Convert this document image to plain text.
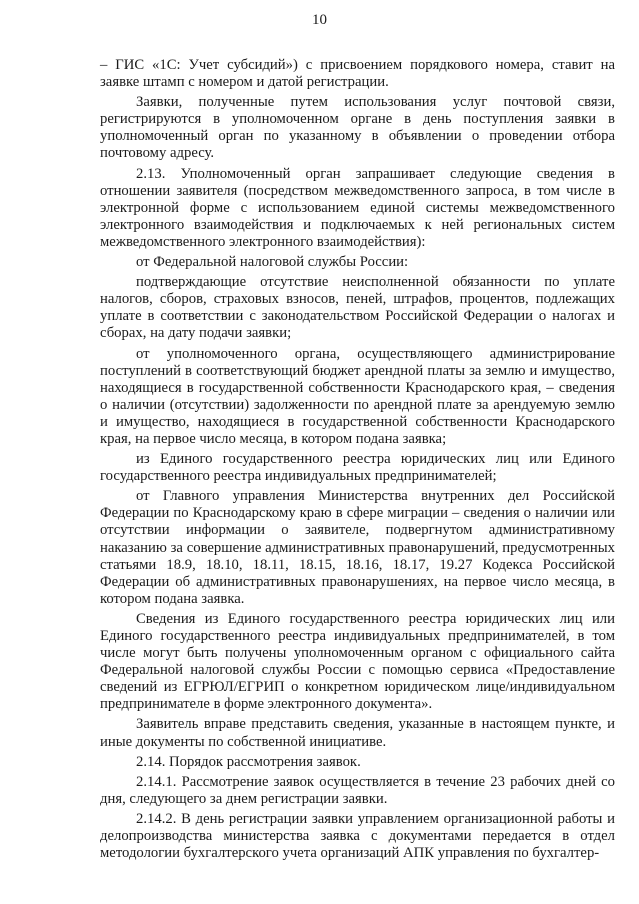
10

– ГИС «1С: Учет субсидий») с присвоением порядкового номера, ставит на заявке штамп с номером и датой регистрации.

Заявки, полученные путем использования услуг почтовой связи, регистрируются в уполномоченном органе в день поступления заявки в уполномоченный орган по указанному в объявлении о проведении отбора почтовому адресу.

2.13. Уполномоченный орган запрашивает следующие сведения в отношении заявителя (посредством межведомственного запроса, в том числе в электронной форме с использованием единой системы межведомственного электронного взаимодействия и подключаемых к ней региональных систем межведомственного электронного взаимодействия):

от Федеральной налоговой службы России:

подтверждающие отсутствие неисполненной обязанности по уплате налогов, сборов, страховых взносов, пеней, штрафов, процентов, подлежащих уплате в соответствии с законодательством Российской Федерации о налогах и сборах, на дату подачи заявки;

от уполномоченного органа, осуществляющего администрирование поступлений в соответствующий бюджет арендной платы за землю и имущество, находящиеся в государственной собственности Краснодарского края, – сведения о наличии (отсутствии) задолженности по арендной плате за арендуемую землю и имущество, находящиеся в государственной собственности Краснодарского края, на первое число месяца, в котором подана заявка;

из Единого государственного реестра юридических лиц или Единого государственного реестра индивидуальных предпринимателей;

от Главного управления Министерства внутренних дел Российской Федерации по Краснодарскому краю в сфере миграции – сведения о наличии или отсутствии информации о заявителе, подвергнутом административному наказанию за совершение административных правонарушений, предусмотренных статьями 18.9, 18.10, 18.11, 18.15, 18.16, 18.17, 19.27 Кодекса Российской Федерации об административных правонарушениях, на первое число месяца, в котором подана заявка.

Сведения из Единого государственного реестра юридических лиц или Единого государственного реестра индивидуальных предпринимателей, в том числе могут быть получены уполномоченным органом с официального сайта Федеральной налоговой службы России с помощью сервиса «Предоставление сведений из ЕГРЮЛ/ЕГРИП о конкретном юридическом лице/индивидуальном предпринимателе в форме электронного документа».

Заявитель вправе представить сведения, указанные в настоящем пункте, и иные документы по собственной инициативе.

2.14. Порядок рассмотрения заявок.

2.14.1. Рассмотрение заявок осуществляется в течение 23 рабочих дней со дня, следующего за днем регистрации заявки.

2.14.2. В день регистрации заявки управлением организационной работы и делопроизводства министерства заявка с документами передается в отдел методологии бухгалтерского учета организаций АПК управления по бухгалтер-
